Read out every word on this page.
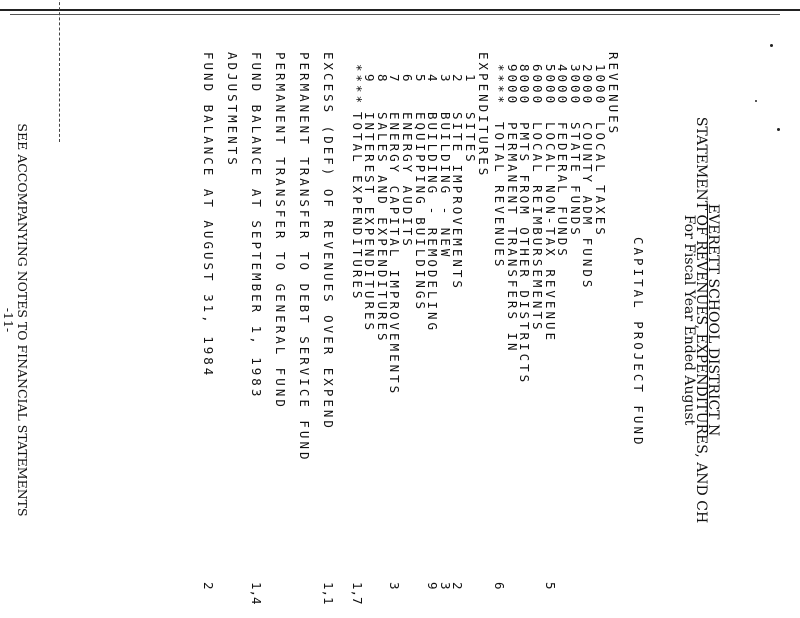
EVERETT SCHOOL DISTRICT N
STATEMENT OF REVENUES, EXPENDITURES, AND CH
For Fiscal Year Ended August
CAPITAL PROJECT FUND
REVENUES
1000
LOCAL TAXES
2000
COUNTY ADM FUNDS
3000
STATE FUNDS
4000
FEDERAL FUNDS
5000
LOCAL NON-TAX REVENUE
5
6000
LOCAL REIMBURSEMENTS
8000
PMTS FROM OTHER DISTRICTS
9000
PERMANENT TRANSFERS IN
****
TOTAL REVENUES
6
EXPENDITURES
1
SITES
2
SITE IMPROVEMENTS
2
3
BUILDING - NEW
3
4
BUILDING - REMODELING
9
5
EQUIPPING BUILDINGS
6
ENERGY AUDITS
7
ENERGY CAPITAL IMPROVEMENTS
3
8
SALES AND EXPENDITURES
9
INTEREST EXPENDITURES
****
TOTAL EXPENDITURES
1,7
EXCESS (DEF) OF REVENUES OVER EXPEND
1,1
PERMANENT TRANSFER TO DEBT SERVICE FUND
PERMANENT TRANSFER TO GENERAL FUND
FUND BALANCE AT SEPTEMBER 1, 1983
1,4
ADJUSTMENTS
FUND BALANCE AT AUGUST 31, 1984
2
SEE ACCOMPANYING NOTES TO FINANCIAL STATEMENTS
-11-
